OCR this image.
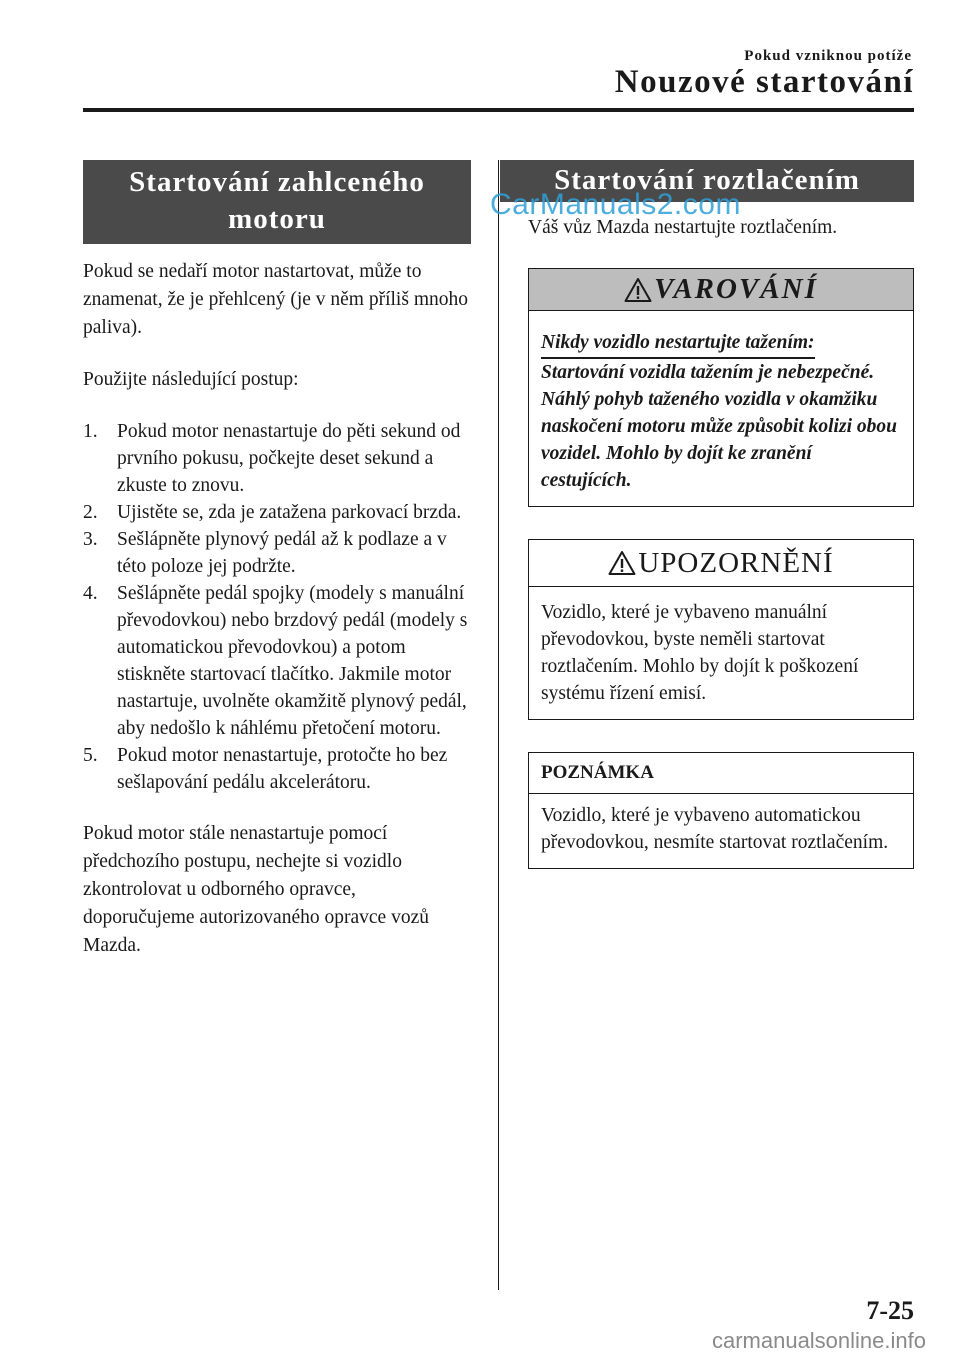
Pokud vzniknou potíže
Nouzové startování
Startování zahlceného
motoru

Pokud se nedaří motor nastartovat, může to znamenat, že je přehlcený (je v něm příliš mnoho paliva).

Použijte následující postup:

1. Pokud motor nenastartuje do pěti sekund od prvního pokusu, počkejte deset sekund a zkuste to znovu.
2. Ujistěte se, zda je zatažena parkovací brzda.
3. Sešlápněte plynový pedál až k podlaze a v této poloze jej podržte.
4. Sešlápněte pedál spojky (modely s manuální převodovkou) nebo brzdový pedál (modely s automatickou převodovkou) a potom stiskněte startovací tlačítko. Jakmile motor nastartuje, uvolněte okamžitě plynový pedál, aby nedošlo k náhlému přetočení motoru.
5. Pokud motor nenastartuje, protočte ho bez sešlapování pedálu akcelerátoru.

Pokud motor stále nenastartuje pomocí předchozího postupu, nechejte si vozidlo zkontrolovat u odborného opravce, doporučujeme autorizovaného opravce vozů Mazda.

Startování roztlačením

Váš vůz Mazda nestartujte roztlačením.

VAROVÁNÍ
Nikdy vozidlo nestartujte tažením: Startování vozidla tažením je nebezpečné. Náhlý pohyb taženého vozidla v okamžiku naskočení motoru může způsobit kolizi obou vozidel. Mohlo by dojít ke zranění cestujících.
UPOZORNĚNÍ
Vozidlo, které je vybaveno manuální převodovkou, byste neměli startovat roztlačením. Mohlo by dojít k poškození systému řízení emisí.
POZNÁMKA
Vozidlo, které je vybaveno automatickou převodovkou, nesmíte startovat roztlačením.
CarManuals2.com
7-25
carmanualsonline.info
